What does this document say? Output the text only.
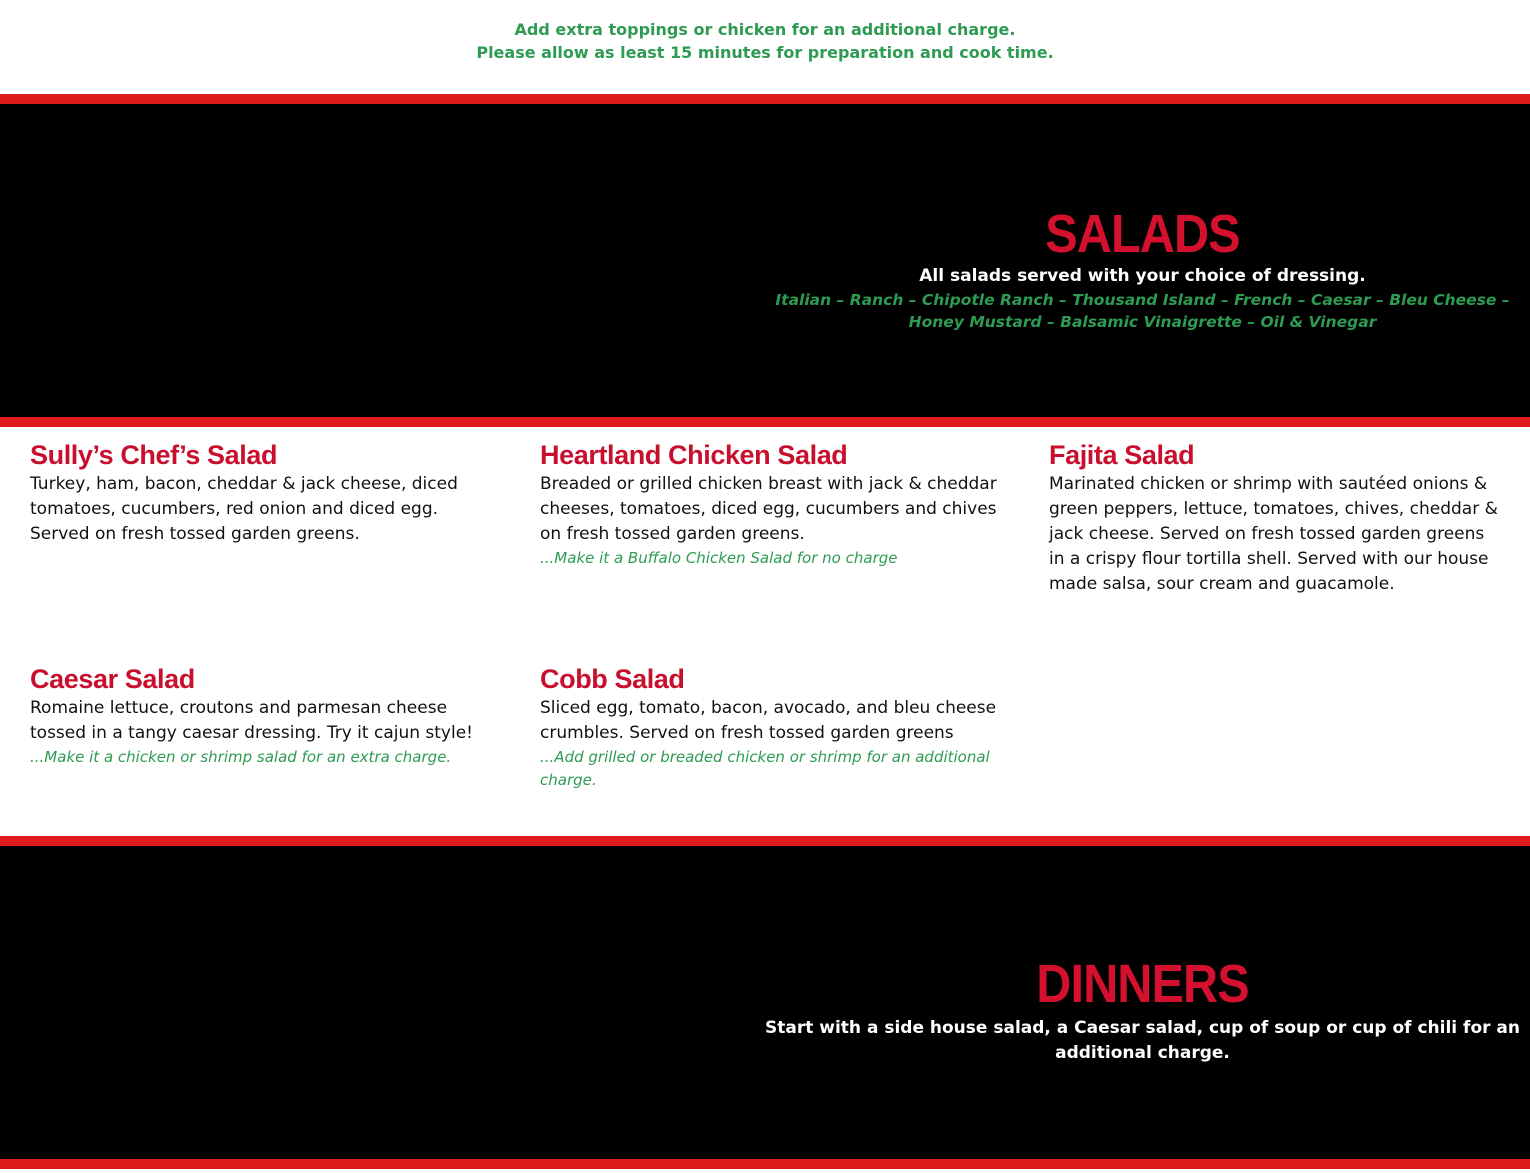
Add extra toppings or chicken for an additional charge.
Please allow as least 15 minutes for preparation and cook time.
SALADS
All salads served with your choice of dressing.
Italian – Ranch – Chipotle Ranch – Thousand Island – French – Caesar – Bleu Cheese –
Honey Mustard – Balsamic Vinaigrette – Oil & Vinegar
Sully’s Chef’s Salad
Turkey, ham, bacon, cheddar & jack cheese, diced tomatoes, cucumbers, red onion and diced egg. Served on fresh tossed garden greens.
Heartland Chicken Salad
Breaded or grilled chicken breast with jack & cheddar cheeses, tomatoes, diced egg, cucumbers and chives on fresh tossed garden greens.
...Make it a Buffalo Chicken Salad for no charge
Fajita Salad
Marinated chicken or shrimp with sautéed onions & green peppers, lettuce, tomatoes, chives, cheddar & jack cheese. Served on fresh tossed garden greens in a crispy flour tortilla shell. Served with our house made salsa, sour cream and guacamole.
Caesar Salad
Romaine lettuce, croutons and parmesan cheese tossed in a tangy caesar dressing. Try it cajun style!
...Make it a chicken or shrimp salad for an extra charge.
Cobb Salad
Sliced egg, tomato, bacon, avocado, and bleu cheese crumbles. Served on fresh tossed garden greens
...Add grilled or breaded chicken or shrimp for an additional charge.
DINNERS
Start with a side house salad, a Caesar salad, cup of soup or cup of chili for an additional charge.
